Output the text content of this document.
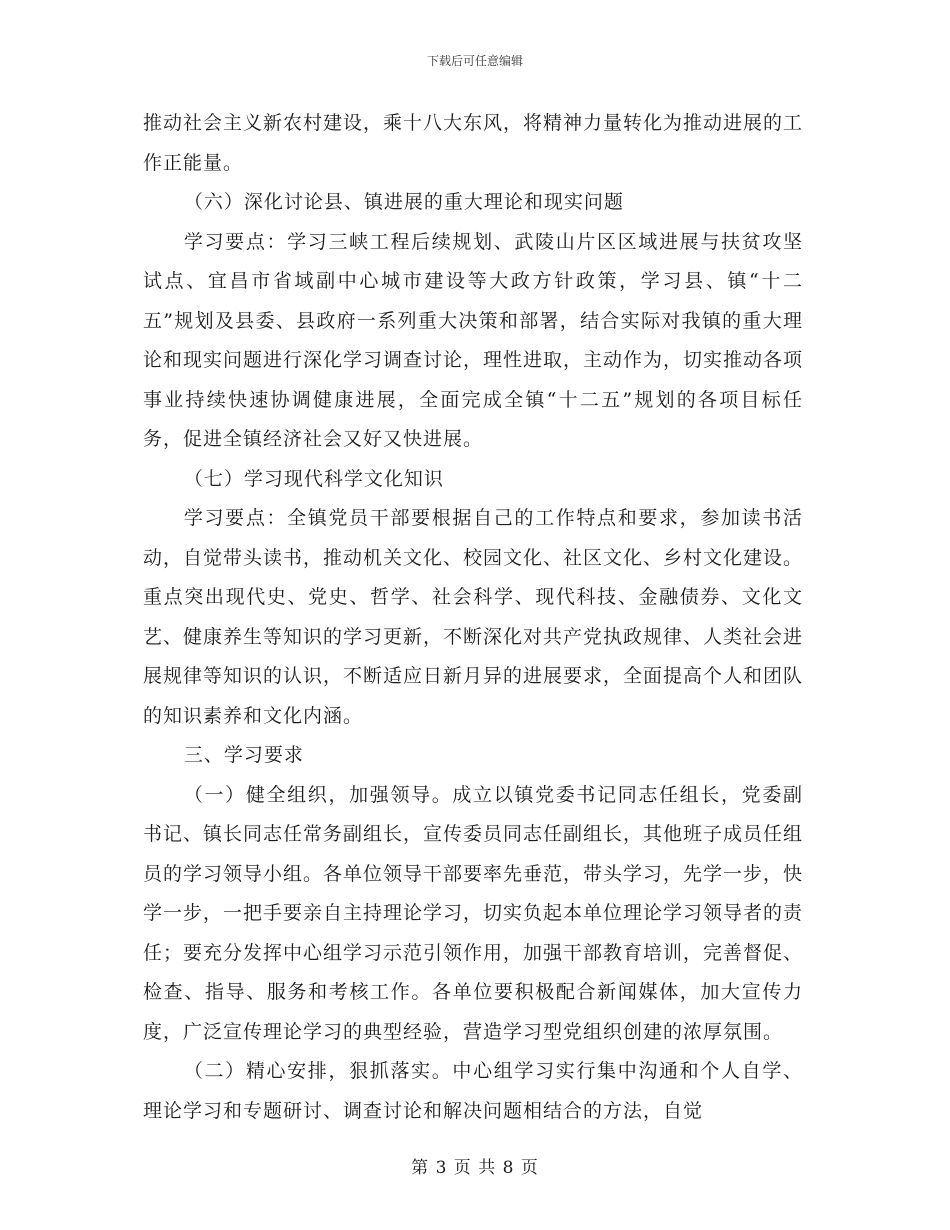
下载后可任意编辑

推动社会主义新农村建设，乘十八大东风，将精神力量转化为推动进展的工作正能量。

（六）深化讨论县、镇进展的重大理论和现实问题

学习要点：学习三峡工程后续规划、武陵山片区区域进展与扶贫攻坚试点、宜昌市省域副中心城市建设等大政方针政策，学习县、镇“十二五”规划及县委、县政府一系列重大决策和部署，结合实际对我镇的重大理论和现实问题进行深化学习调查讨论，理性进取，主动作为，切实推动各项事业持续快速协调健康进展，全面完成全镇“十二五”规划的各项目标任务，促进全镇经济社会又好又快进展。

（七）学习现代科学文化知识

学习要点：全镇党员干部要根据自己的工作特点和要求，参加读书活动，自觉带头读书，推动机关文化、校园文化、社区文化、乡村文化建设。重点突出现代史、党史、哲学、社会科学、现代科技、金融债券、文化文艺、健康养生等知识的学习更新，不断深化对共产党执政规律、人类社会进展规律等知识的认识，不断适应日新月异的进展要求，全面提高个人和团队的知识素养和文化内涵。

三、学习要求

（一）健全组织，加强领导。成立以镇党委书记同志任组长，党委副书记、镇长同志任常务副组长，宣传委员同志任副组长，其他班子成员任组员的学习领导小组。各单位领导干部要率先垂范，带头学习，先学一步，快学一步，一把手要亲自主持理论学习，切实负起本单位理论学习领导者的责任；要充分发挥中心组学习示范引领作用，加强干部教育培训，完善督促、检查、指导、服务和考核工作。各单位要积极配合新闻媒体，加大宣传力度，广泛宣传理论学习的典型经验，营造学习型党组织创建的浓厚氛围。

（二）精心安排，狠抓落实。中心组学习实行集中沟通和个人自学、理论学习和专题研讨、调查讨论和解决问题相结合的方法，自觉

第 3 页 共 8 页
